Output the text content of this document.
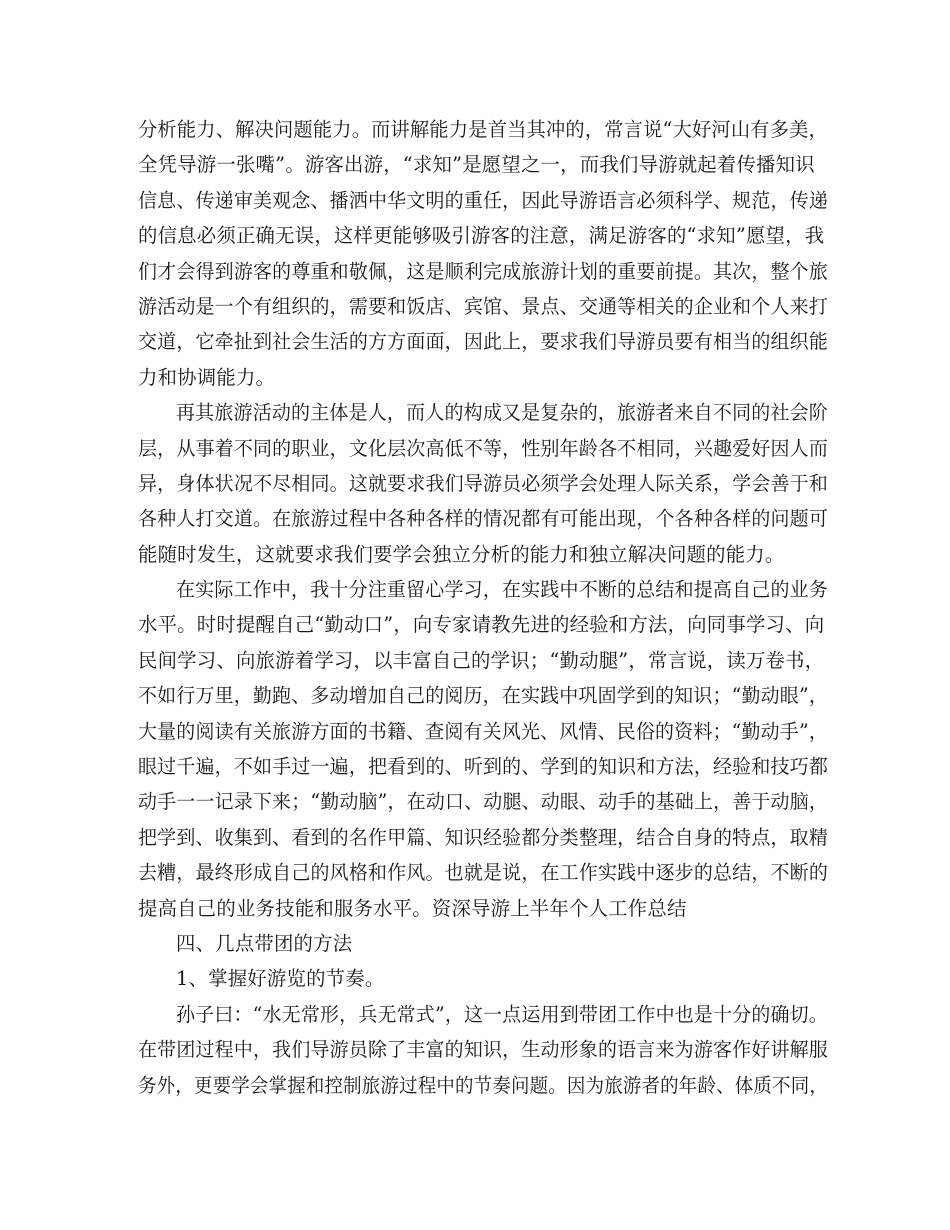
分析能力、解决问题能力。而讲解能力是首当其冲的，常言说“大好河山有多美，
全凭导游一张嘴”。游客出游，“求知”是愿望之一，而我们导游就起着传播知识
信息、传递审美观念、播洒中华文明的重任，因此导游语言必须科学、规范，传递
的信息必须正确无误，这样更能够吸引游客的注意，满足游客的“求知”愿望，我
们才会得到游客的尊重和敬佩，这是顺利完成旅游计划的重要前提。其次，整个旅
游活动是一个有组织的，需要和饭店、宾馆、景点、交通等相关的企业和个人来打
交道，它牵扯到社会生活的方方面面，因此上，要求我们导游员要有相当的组织能
力和协调能力。
再其旅游活动的主体是人，而人的构成又是复杂的，旅游者来自不同的社会阶
层，从事着不同的职业，文化层次高低不等，性别年龄各不相同，兴趣爱好因人而
异，身体状况不尽相同。这就要求我们导游员必须学会处理人际关系，学会善于和
各种人打交道。在旅游过程中各种各样的情况都有可能出现，个各种各样的问题可
能随时发生，这就要求我们要学会独立分析的能力和独立解决问题的能力。
在实际工作中，我十分注重留心学习，在实践中不断的总结和提高自己的业务
水平。时时提醒自己“勤动口”，向专家请教先进的经验和方法，向同事学习、向
民间学习、向旅游着学习，以丰富自己的学识；“勤动腿”，常言说，读万卷书，
不如行万里，勤跑、多动增加自己的阅历，在实践中巩固学到的知识；“勤动眼”，
大量的阅读有关旅游方面的书籍、查阅有关风光、风情、民俗的资料；“勤动手”，
眼过千遍，不如手过一遍，把看到的、听到的、学到的知识和方法，经验和技巧都
动手一一记录下来；“勤动脑”，在动口、动腿、动眼、动手的基础上，善于动脑，
把学到、收集到、看到的名作甲篇、知识经验都分类整理，结合自身的特点，取精
去糟，最终形成自己的风格和作风。也就是说，在工作实践中逐步的总结，不断的
提高自己的业务技能和服务水平。资深导游上半年个人工作总结
四、几点带团的方法
1、掌握好游览的节奏。
孙子曰：“水无常形，兵无常式”，这一点运用到带团工作中也是十分的确切。
在带团过程中，我们导游员除了丰富的知识，生动形象的语言来为游客作好讲解服
务外，更要学会掌握和控制旅游过程中的节奏问题。因为旅游者的年龄、体质不同，
